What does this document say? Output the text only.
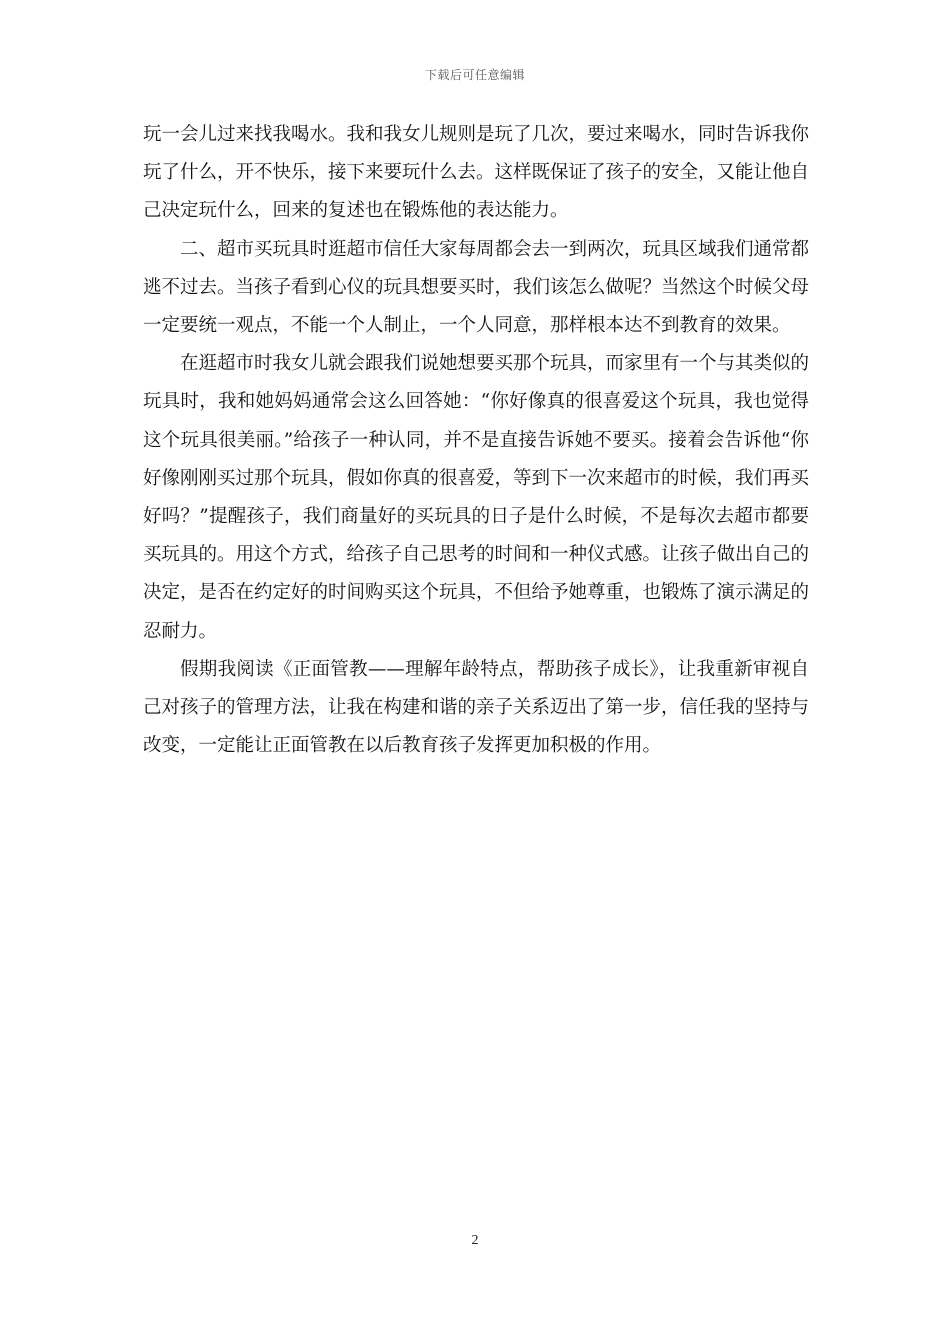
下载后可任意编辑

玩一会儿过来找我喝水。我和我女儿规则是玩了几次，要过来喝水，同时告诉我你玩了什么，开不快乐，接下来要玩什么去。这样既保证了孩子的安全，又能让他自己决定玩什么，回来的复述也在锻炼他的表达能力。

二、超市买玩具时逛超市信任大家每周都会去一到两次，玩具区域我们通常都逃不过去。当孩子看到心仪的玩具想要买时，我们该怎么做呢？当然这个时候父母一定要统一观点，不能一个人制止，一个人同意，那样根本达不到教育的效果。

在逛超市时我女儿就会跟我们说她想要买那个玩具，而家里有一个与其类似的玩具时，我和她妈妈通常会这么回答她：“你好像真的很喜爱这个玩具，我也觉得这个玩具很美丽。”给孩子一种认同，并不是直接告诉她不要买。接着会告诉他“你好像刚刚买过那个玩具，假如你真的很喜爱，等到下一次来超市的时候，我们再买好吗？”提醒孩子，我们商量好的买玩具的日子是什么时候，不是每次去超市都要买玩具的。用这个方式，给孩子自己思考的时间和一种仪式感。让孩子做出自己的决定，是否在约定好的时间购买这个玩具，不但给予她尊重，也锻炼了演示满足的忍耐力。

假期我阅读《正面管教——理解年龄特点，帮助孩子成长》，让我重新审视自己对孩子的管理方法，让我在构建和谐的亲子关系迈出了第一步，信任我的坚持与改变，一定能让正面管教在以后教育孩子发挥更加积极的作用。

2
